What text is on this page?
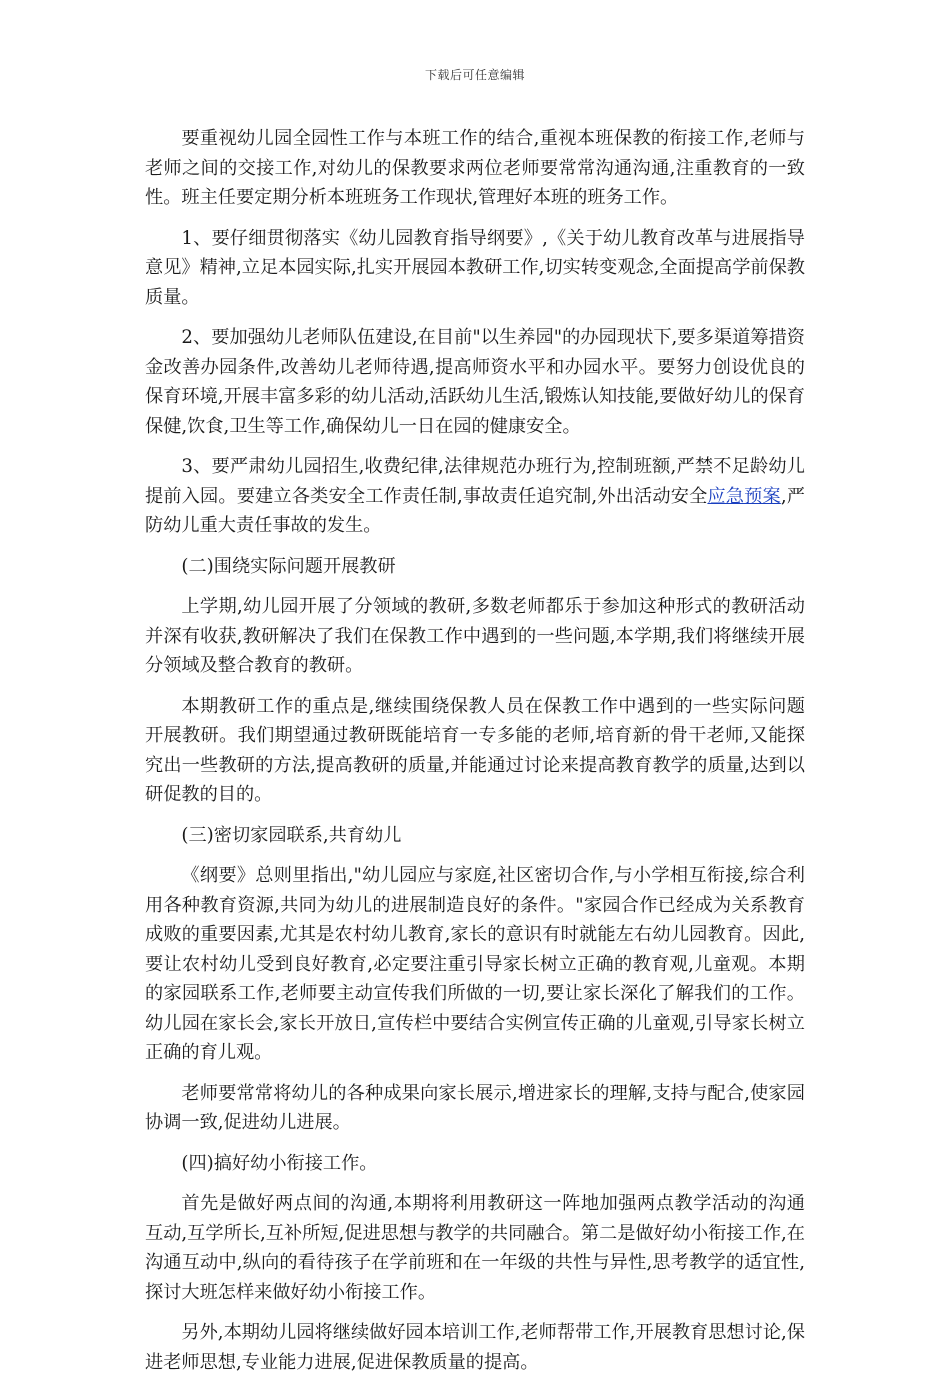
下载后可任意编辑

要重视幼儿园全园性工作与本班工作的结合,重视本班保教的衔接工作,老师与老师之间的交接工作,对幼儿的保教要求两位老师要常常沟通沟通,注重教育的一致性。班主任要定期分析本班班务工作现状,管理好本班的班务工作。

1、要仔细贯彻落实《幼儿园教育指导纲要》,《关于幼儿教育改革与进展指导意见》精神,立足本园实际,扎实开展园本教研工作,切实转变观念,全面提高学前保教质量。

2、要加强幼儿老师队伍建设,在目前"以生养园"的办园现状下,要多渠道筹措资金改善办园条件,改善幼儿老师待遇,提高师资水平和办园水平。要努力创设优良的保育环境,开展丰富多彩的幼儿活动,活跃幼儿生活,锻炼认知技能,要做好幼儿的保育保健,饮食,卫生等工作,确保幼儿一日在园的健康安全。

3、要严肃幼儿园招生,收费纪律,法律规范办班行为,控制班额,严禁不足龄幼儿提前入园。要建立各类安全工作责任制,事故责任追究制,外出活动安全应急预案,严防幼儿重大责任事故的发生。

(二)围绕实际问题开展教研

上学期,幼儿园开展了分领域的教研,多数老师都乐于参加这种形式的教研活动并深有收获,教研解决了我们在保教工作中遇到的一些问题,本学期,我们将继续开展分领域及整合教育的教研。

本期教研工作的重点是,继续围绕保教人员在保教工作中遇到的一些实际问题开展教研。我们期望通过教研既能培育一专多能的老师,培育新的骨干老师,又能探究出一些教研的方法,提高教研的质量,并能通过讨论来提高教育教学的质量,达到以研促教的目的。

(三)密切家园联系,共育幼儿

《纲要》总则里指出,"幼儿园应与家庭,社区密切合作,与小学相互衔接,综合利用各种教育资源,共同为幼儿的进展制造良好的条件。"家园合作已经成为关系教育成败的重要因素,尤其是农村幼儿教育,家长的意识有时就能左右幼儿园教育。因此,要让农村幼儿受到良好教育,必定要注重引导家长树立正确的教育观,儿童观。本期的家园联系工作,老师要主动宣传我们所做的一切,要让家长深化了解我们的工作。幼儿园在家长会,家长开放日,宣传栏中要结合实例宣传正确的儿童观,引导家长树立正确的育儿观。

老师要常常将幼儿的各种成果向家长展示,增进家长的理解,支持与配合,使家园协调一致,促进幼儿进展。

(四)搞好幼小衔接工作。

首先是做好两点间的沟通,本期将利用教研这一阵地加强两点教学活动的沟通互动,互学所长,互补所短,促进思想与教学的共同融合。第二是做好幼小衔接工作,在沟通互动中,纵向的看待孩子在学前班和在一年级的共性与异性,思考教学的适宜性,探讨大班怎样来做好幼小衔接工作。

另外,本期幼儿园将继续做好园本培训工作,老师帮带工作,开展教育思想讨论,保进老师思想,专业能力进展,促进保教质量的提高。
